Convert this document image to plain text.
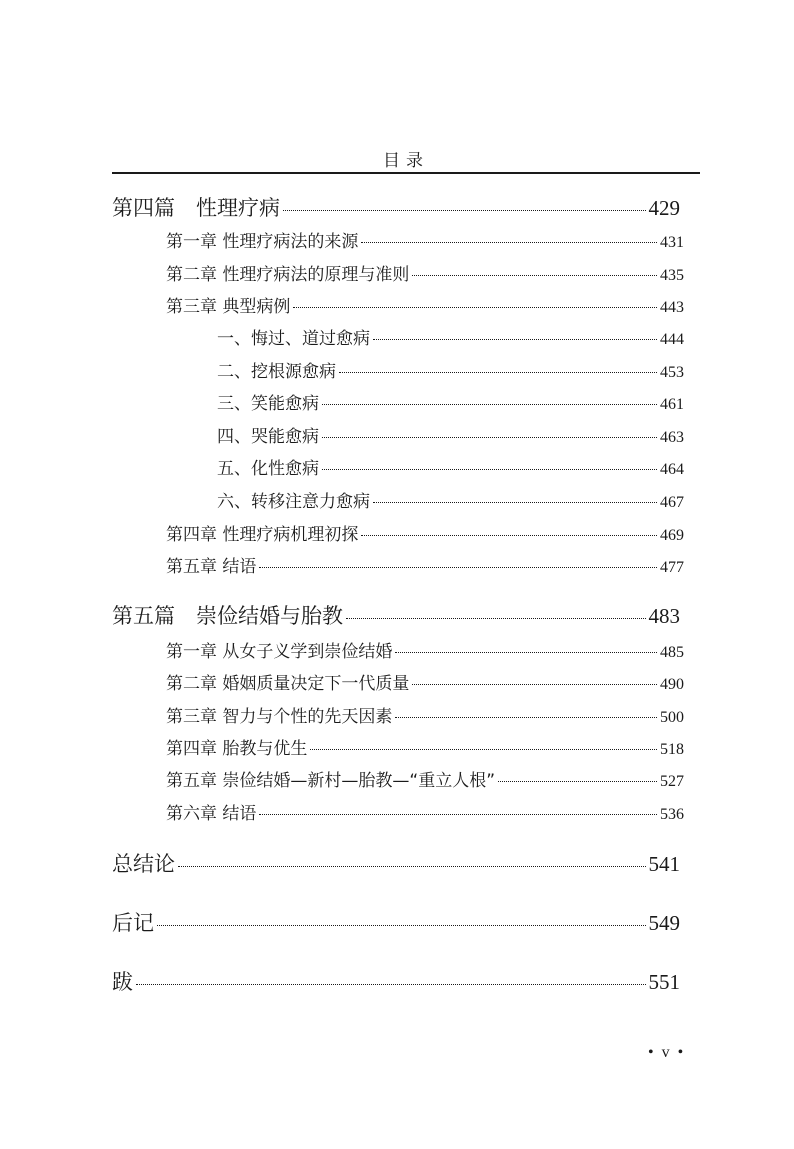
目录
第四篇　性理疗病	429
第一章 性理疗病法的来源	431
第二章 性理疗病法的原理与准则	435
第三章 典型病例	443
一、悔过、道过愈病	444
二、挖根源愈病	453
三、笑能愈病	461
四、哭能愈病	463
五、化性愈病	464
六、转移注意力愈病	467
第四章 性理疗病机理初探	469
第五章 结语	477
第五篇　崇俭结婚与胎教	483
第一章 从女子义学到崇俭结婚	485
第二章 婚姻质量决定下一代质量	490
第三章 智力与个性的先天因素	500
第四章 胎教与优生	518
第五章 崇俭结婚—新村—胎教—“重立人根”	527
第六章 结语	536
总结论	541
后记	549
跋	551
• v •
